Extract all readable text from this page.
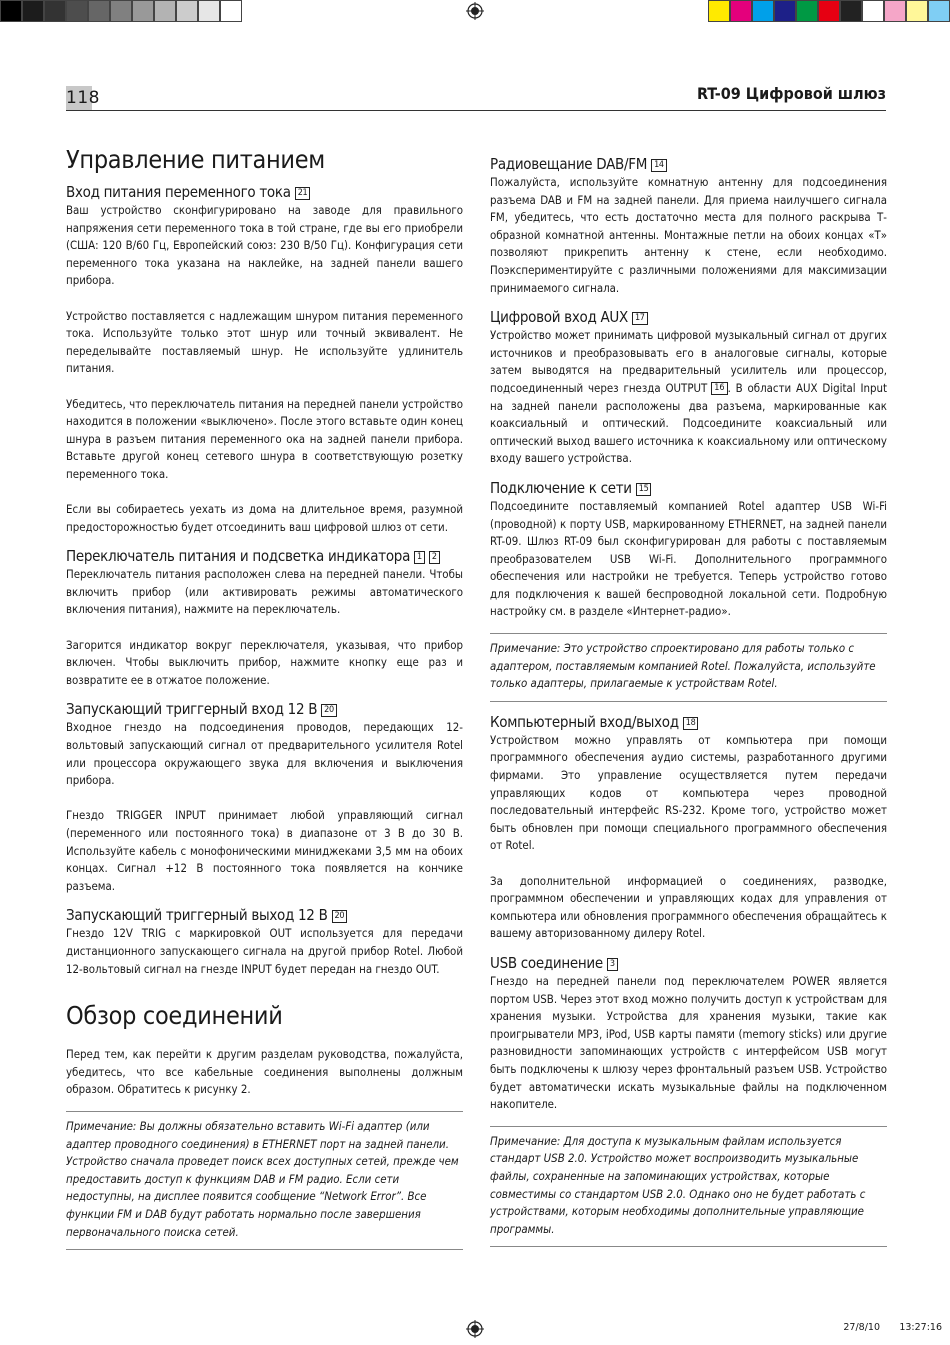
118	RT-09 Цифровой шлюз
Управление питанием
Вход питания переменного тока 21

Ваш устройство сконфигурировано на заводе для правильного напряжения сети переменного тока в той стране, где вы его приобрели (США: 120 В/60 Гц, Европейский союз: 230 В/50 Гц). Конфигурация сети переменного тока указана на наклейке, на задней панели вашего прибора.

Устройство поставляется с надлежащим шнуром питания переменного тока. Используйте только этот шнур или точный эквивалент. Не переделывайте поставляемый шнур. Не используйте удлинитель питания.

Убедитесь, что переключатель питания на передней панели устройство находится в положении «выключено». После этого вставьте один конец шнура в разъем питания переменного ока на задней панели прибора. Вставьте другой конец сетевого шнура в соответствующую розетку переменного тока.

Если вы собираетесь уехать из дома на длительное время, разумной предосторожностью будет отсоединить ваш цифровой шлюз от сети.

Переключатель питания и подсветка индикатора 1 2

Переключатель питания расположен слева на передней панели. Чтобы включить прибор (или активировать режимы автоматического включения питания), нажмите на переключатель.

Загорится индикатор вокруг переключателя, указывая, что прибор включен. Чтобы выключить прибор, нажмите кнопку еще раз и возвратите ее в отжатое положение.

Запускающий триггерный вход 12 В 20

Входное гнездо на подсоединения проводов, передающих 12-вольтовый запускающий сигнал от предварительного усилителя Rotel или процессора окружающего звука для включения и выключения прибора.

Гнездо TRIGGER INPUT принимает любой управляющий сигнал (переменного или постоянного тока) в диапазоне от 3 В до 30 В. Используйте кабель с монофоническими миниджеками 3,5 мм на обоих концах. Сигнал +12 В постоянного тока появляется на кончике разъема.

Запускающий триггерный выход 12 В 20

Гнездо 12V TRIG с маркировкой OUT используется для передачи дистанционного запускающего сигнала на другой прибор Rotel. Любой 12-вольтовый сигнал на гнезде INPUT будет передан на гнездо OUT.

Обзор соединений

Перед тем, как перейти к другим разделам руководства, пожалуйста, убедитесь, что все кабельные соединения выполнены должным образом. Обратитесь к рисунку 2.

Примечание: Вы должны обязательно вставить Wi-Fi адаптер (или адаптер проводного соединения) в ETHERNET порт на задней панели. Устройство сначала проведет поиск всех доступных сетей, прежде чем предоставить доступ к функциям DAB и FM радио. Если сети недоступны, на дисплее появится сообщение “Network Error”. Все функции FM и DAB будут работать нормально после завершения первоначального поиска сетей.

Радиовещание DAB/FM 14

Пожалуйста, используйте комнатную антенну для подсоединения разъема DAB и FM на задней панели. Для приема наилучшего сигнала FM, убедитесь, что есть достаточно места для полного раскрыва Т-образной комнатной антенны. Монтажные петли на обоих концах «Т» позволяют прикрепить антенну к стене, если необходимо. Поэкспериментируйте с различными положениями для максимизации принимаемого сигнала.

Цифровой вход AUX 17

Устройство может принимать цифровой музыкальный сигнал от других источников и преобразовывать его в аналоговые сигналы, которые затем выводятся на предварительный усилитель или процессор, подсоединенный через гнезда OUTPUT 16 . В области AUX Digital Input на задней панели расположены два разъема, маркированные как коаксиальный и оптический. Подсоедините коаксиальный или оптический выход вашего источника к коаксиальному или оптическому входу вашего устройства.

Подключение к сети 15

Подсоедините поставляемый компанией Rotel адаптер USB Wi-Fi (проводной) к порту USB, маркированному ETHERNET, на задней панели RT-09. Шлюз RT-09 был сконфигурирован для работы с поставляемым преобразователем USB Wi-Fi. Дополнительного программного обеспечения или настройки не требуется. Теперь устройство готово для подключения к вашей беспроводной локальной сети. Подробную настройку см. в разделе «Интернет-радио».

Примечание: Это устройство спроектировано для работы только с адаптером, поставляемым компанией Rotel. Пожалуйста, используйте только адаптеры, прилагаемые к устройствам Rotel.

Компьютерный вход/выход 18

Устройством можно управлять от компьютера при помощи программного обеспечения аудио системы, разработанного другими фирмами. Это управление осуществляется путем передачи управляющих кодов от компьютера через проводной последовательный интерфейс RS-232. Кроме того, устройство может быть обновлен при помощи специального программного обеспечения от Rotel.

За дополнительной информацией о соединениях, разводке, программном обеспечении и управляющих кодах для управления от компьютера или обновления программного обеспечения обращайтесь к вашему авторизованному дилеру Rotel.

USB соединение 3

Гнездо на передней панели под переключателем POWER является портом USB. Через этот вход можно получить доступ к устройствам для хранения музыки. Устройства для хранения музыки, такие как проигрыватели MP3, iPod, USB карты памяти (memory sticks) или другие разновидности запоминающих устройств с интерфейсом USB могут быть подключены к шлюзу через фронтальный разъем USB. Устройство будет автоматически искать музыкальные файлы на подключенном накопителе.

Примечание: Для доступа к музыкальным файлам используется стандарт USB 2.0. Устройство может воспроизводить музыкальные файлы, сохраненные на запоминающих устройствах, которые совместимы со стандартом USB 2.0. Однако оно не будет работать с устройствами, которым необходимы дополнительные управляющие программы.

27/8/10 13:27:16
